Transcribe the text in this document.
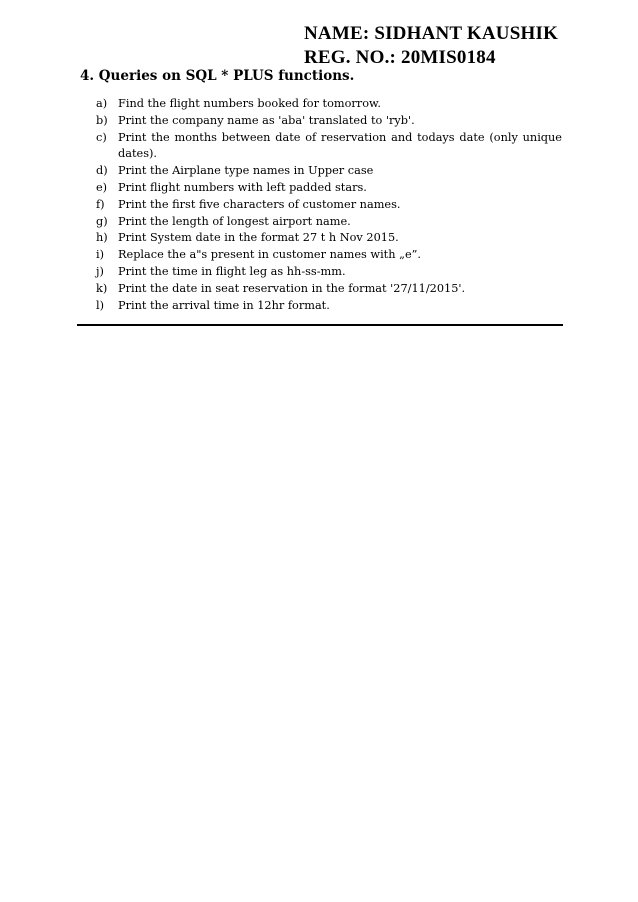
NAME: SIDHANT KAUSHIK
REG. NO.: 20MIS0184
4. Queries on SQL * PLUS functions.
a) Find the flight numbers booked for tomorrow.
b) Print the company name as 'aba' translated to 'ryb'.
c) Print the months between date of reservation and todays date (only unique dates).
d) Print the Airplane type names in Upper case
e) Print flight numbers with left padded stars.
f)	Print the first five characters of customer names.
g) Print the length of longest airport name.
h) Print System date in the format 27 t h Nov 2015.
i)	Replace the a"s present in customer names with „e”.
j)	Print the time in flight leg as hh-ss-mm.
k) Print the date in seat reservation in the format '27/11/2015'.
l)	Print the arrival time in 12hr format.
